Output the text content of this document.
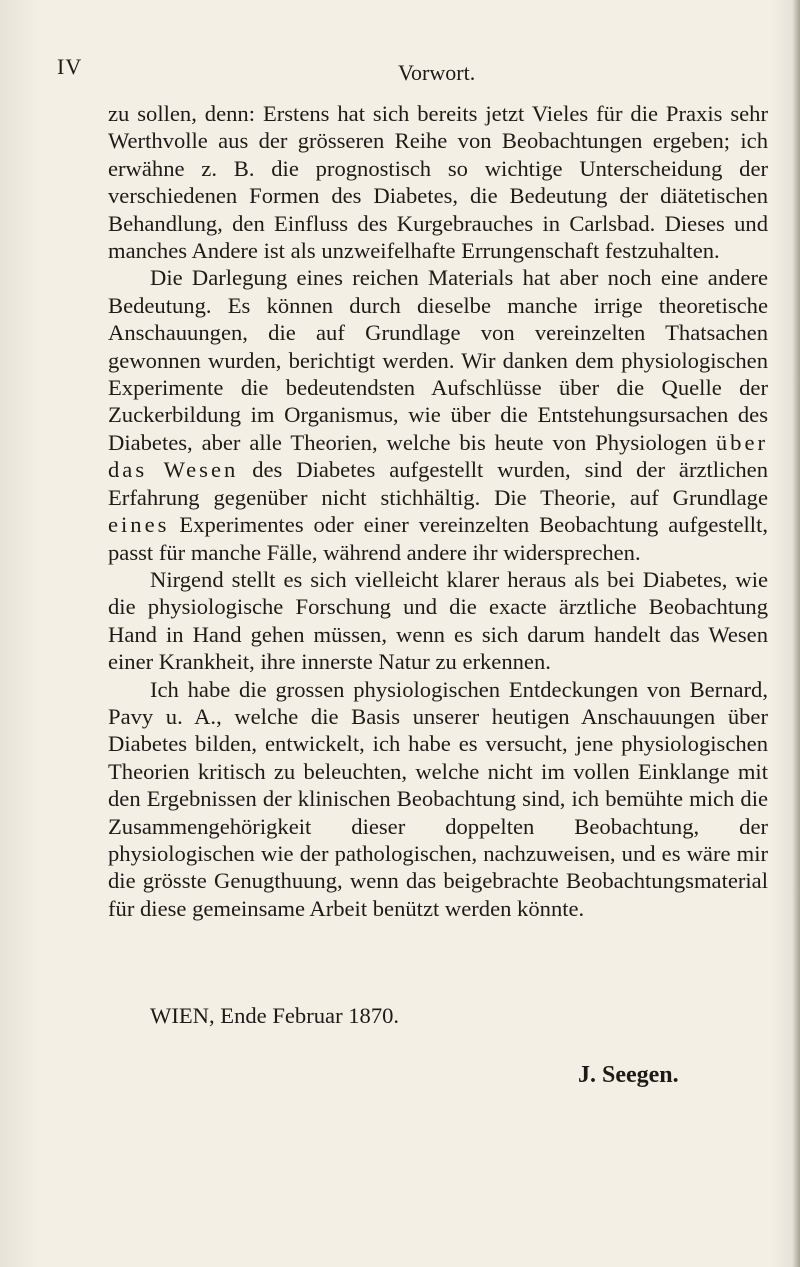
IV	Vorwort.

zu sollen, denn: Erstens hat sich bereits jetzt Vieles für die Praxis sehr Werthvolle aus der grösseren Reihe von Beobachtungen ergeben; ich erwähne z. B. die prognostisch so wichtige Unterscheidung der verschiedenen Formen des Diabetes, die Bedeutung der diätetischen Behandlung, den Einfluss des Kurgebrauches in Carlsbad. Dieses und manches Andere ist als unzweifelhafte Errungenschaft festzuhalten.

Die Darlegung eines reichen Materials hat aber noch eine andere Bedeutung. Es können durch dieselbe manche irrige theoretische Anschauungen, die auf Grundlage von vereinzelten Thatsachen gewonnen wurden, berichtigt werden. Wir danken dem physiologischen Experimente die bedeutendsten Aufschlüsse über die Quelle der Zuckerbildung im Organismus, wie über die Entstehungsursachen des Diabetes, aber alle Theorien, welche bis heute von Physiologen über das Wesen des Diabetes aufgestellt wurden, sind der ärztlichen Erfahrung gegenüber nicht stichhältig. Die Theorie, auf Grundlage eines Experimentes oder einer vereinzelten Beobachtung aufgestellt, passt für manche Fälle, während andere ihr widersprechen.

Nirgend stellt es sich vielleicht klarer heraus als bei Diabetes, wie die physiologische Forschung und die exacte ärztliche Beobachtung Hand in Hand gehen müssen, wenn es sich darum handelt das Wesen einer Krankheit, ihre innerste Natur zu erkennen.

Ich habe die grossen physiologischen Entdeckungen von Bernard, Pavy u. A., welche die Basis unserer heutigen Anschauungen über Diabetes bilden, entwickelt, ich habe es versucht, jene physiologischen Theorien kritisch zu beleuchten, welche nicht im vollen Einklange mit den Ergebnissen der klinischen Beobachtung sind, ich bemühte mich die Zusammengehörigkeit dieser doppelten Beobachtung, der physiologischen wie der pathologischen, nachzuweisen, und es wäre mir die grösste Genugthuung, wenn das beigebrachte Beobachtungsmaterial für diese gemeinsame Arbeit benützt werden könnte.

WIEN, Ende Februar 1870.
J. Seegen.
